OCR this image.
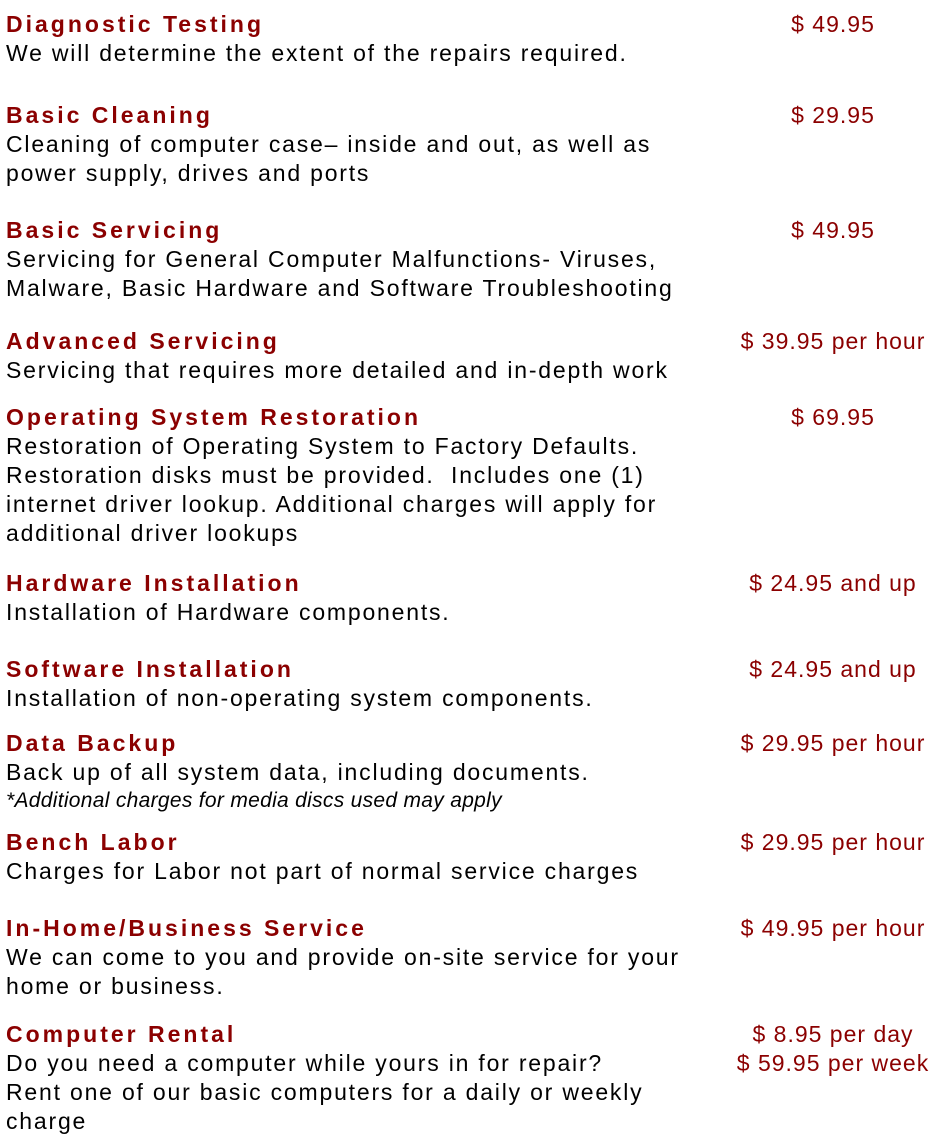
Diagnostic Testing	$ 49.95
We will determine the extent of the repairs required.
Basic Cleaning	$ 29.95
Cleaning of computer case– inside and out, as well as
power supply, drives and ports
Basic Servicing	$ 49.95
Servicing for General Computer Malfunctions- Viruses,
Malware, Basic Hardware and Software Troubleshooting
Advanced Servicing	$ 39.95 per hour
Servicing that requires more detailed and in-depth work
Operating System Restoration	$ 69.95
Restoration of Operating System to Factory Defaults.
Restoration disks must be provided.  Includes one (1)
internet driver lookup. Additional charges will apply for
additional driver lookups
Hardware Installation	$ 24.95 and up
Installation of Hardware components.
Software Installation	$ 24.95 and up
Installation of non-operating system components.
Data Backup	$ 29.95 per hour
Back up of all system data, including documents.
*Additional charges for media discs used may apply
Bench Labor	$ 29.95 per hour
Charges for Labor not part of normal service charges
In-Home/Business Service	$ 49.95 per hour
We can come to you and provide on-site service for your
home or business.
Computer Rental	$ 8.95 per day
$ 59.95 per week
Do you need a computer while yours in for repair?
Rent one of our basic computers for a daily or weekly charge
